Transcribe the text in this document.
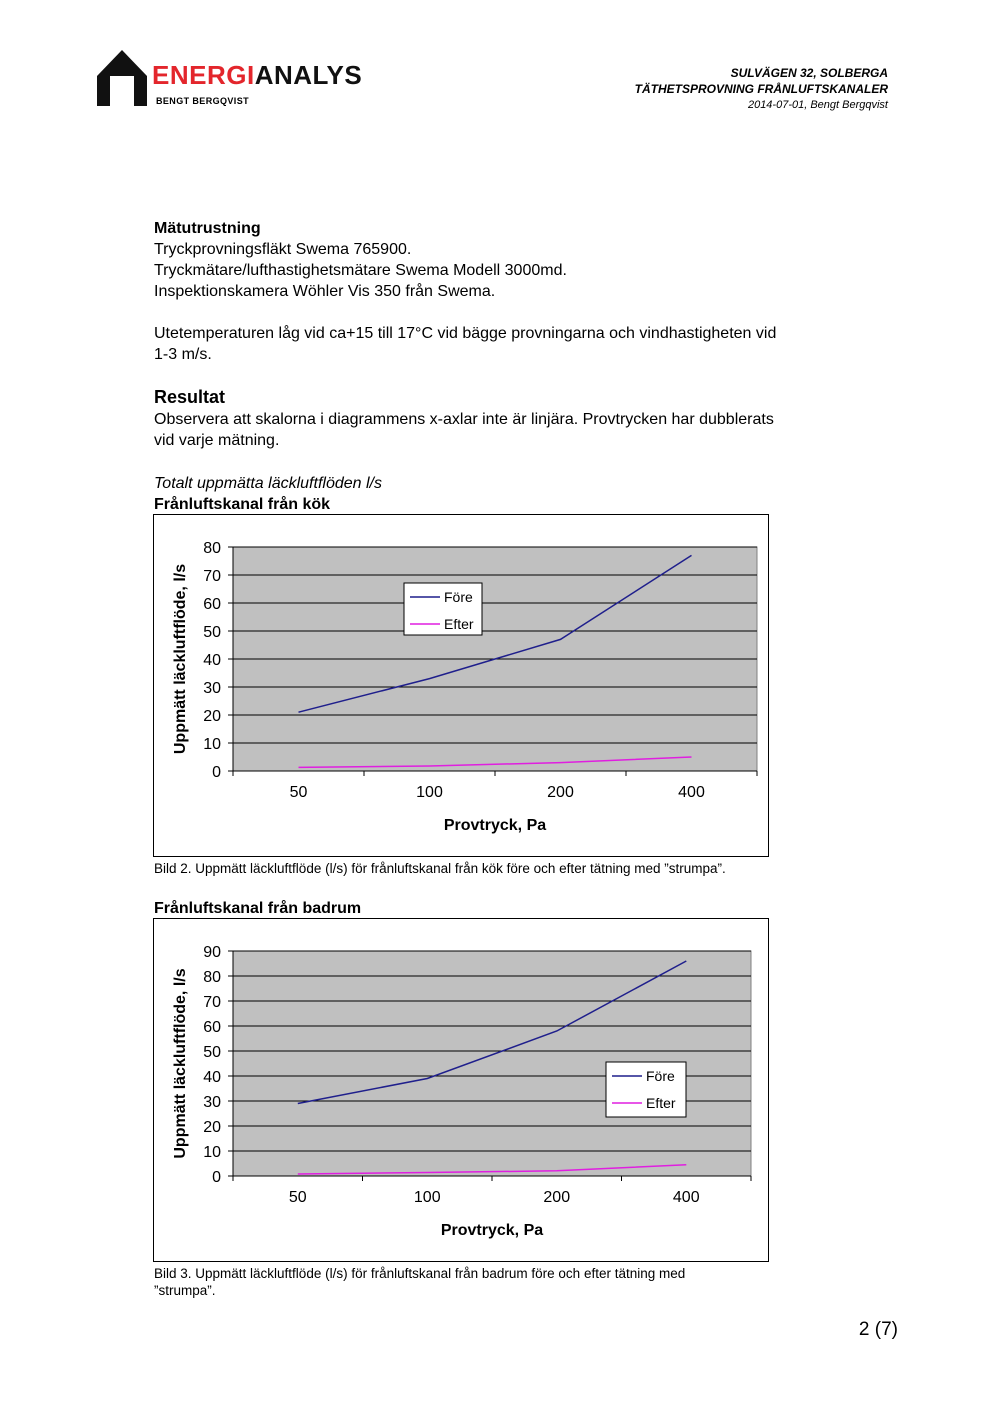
ENERGIANALYS
BENGT BERGQVIST
SULVÄGEN 32, SOLBERGA
TÄTHETSPROVNING FRÅNLUFTSKANALER
2014-07-01, Bengt Bergqvist
Mätutrustning
Tryckprovningsfläkt Swema 765900.
Tryckmätare/lufthastighetsmätare Swema Modell 3000md.
Inspektionskamera Wöhler Vis 350 från Swema.
Utetemperaturen låg vid ca+15 till 17°C vid bägge provningarna och vindhastigheten vid
1-3 m/s.
Resultat
Observera att skalorna i diagrammens x-axlar inte är linjära. Provtrycken har dubblerats
vid varje mätning.
Totalt uppmätta läckluftflöden l/s
Frånluftskanal från kök
0
10
20
30
40
50
60
70
80
50	100	200	400
Provtryck, Pa
Uppmätt läckluftflöde, l/s	Före
Efter
Bild 2. Uppmätt läckluftflöde (l/s) för frånluftskanal från kök före och efter tätning med ”strumpa”.
Frånluftskanal från badrum
0
10
20
30
40
50
60
70
80
90
50	100	200	400
Provtryck, Pa
Uppmätt läckluftflöde, l/s	Före
Efter
Bild 3. Uppmätt läckluftflöde (l/s) för frånluftskanal från badrum före och efter tätning med
”strumpa”.
2 (7)
